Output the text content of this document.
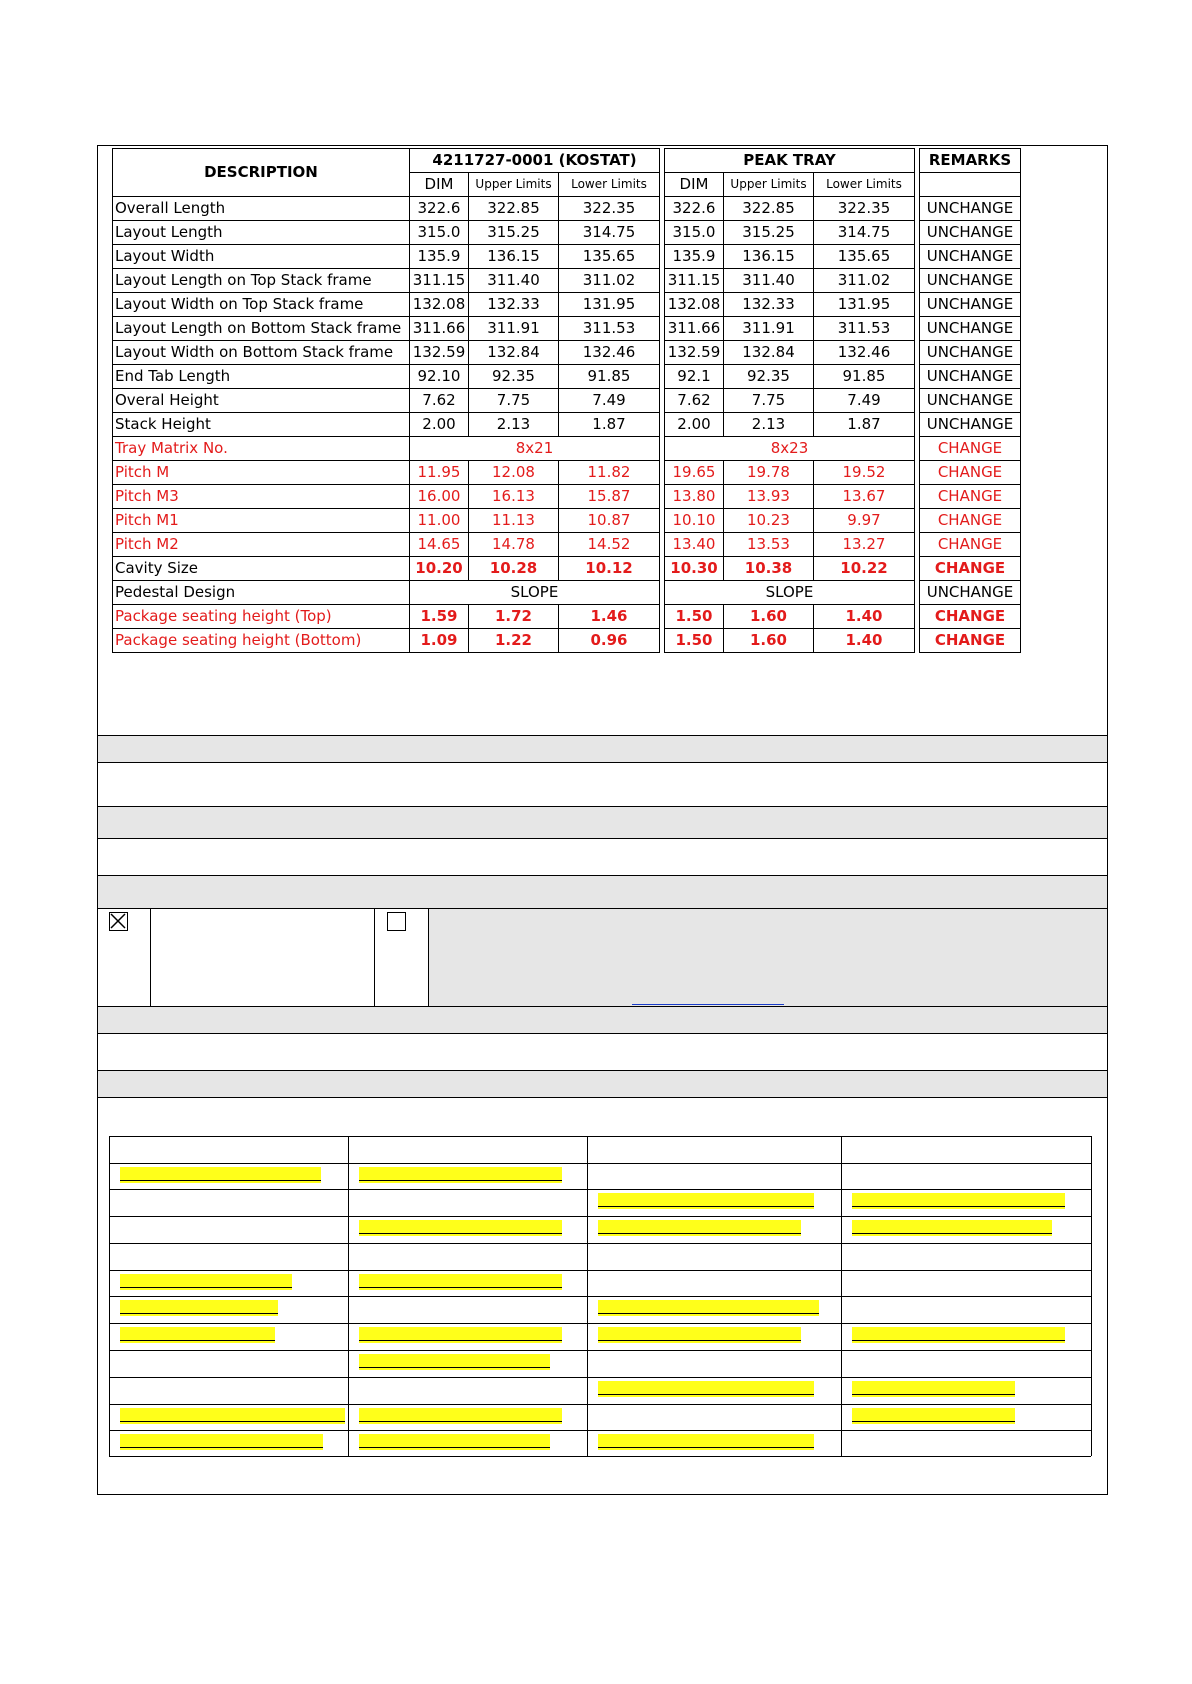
DESCRIPTION	4211727-0001 (KOSTAT)				PEAK TRAY				REMARKS
	DIM	Upper Limits	Lower Limits		DIM	Upper Limits	Lower Limits		
Overall Length	322.6	322.85	322.35		322.6	322.85	322.35		UNCHANGE
Layout Length	315.0	315.25	314.75		315.0	315.25	314.75		UNCHANGE
Layout Width	135.9	136.15	135.65		135.9	136.15	135.65		UNCHANGE
Layout Length on Top Stack frame	311.15	311.40	311.02		311.15	311.40	311.02		UNCHANGE
Layout Width on Top Stack frame	132.08	132.33	131.95		132.08	132.33	131.95		UNCHANGE
Layout Length on Bottom Stack frame	311.66	311.91	311.53		311.66	311.91	311.53		UNCHANGE
Layout Width on Bottom Stack frame	132.59	132.84	132.46		132.59	132.84	132.46		UNCHANGE
End Tab Length	92.10	92.35	91.85		92.1	92.35	91.85		UNCHANGE
Overal Height	7.62	7.75	7.49		7.62	7.75	7.49		UNCHANGE
Stack Height	2.00	2.13	1.87		2.00	2.13	1.87		UNCHANGE
Tray Matrix No.	8x21				8x23				CHANGE
Pitch M	11.95	12.08	11.82		19.65	19.78	19.52		CHANGE
Pitch M3	16.00	16.13	15.87		13.80	13.93	13.67		CHANGE
Pitch M1	11.00	11.13	10.87		10.10	10.23	9.97		CHANGE
Pitch M2	14.65	14.78	14.52		13.40	13.53	13.27		CHANGE
Cavity Size	10.20	10.28	10.12		10.30	10.38	10.22		CHANGE
Pedestal Design	SLOPE				SLOPE				UNCHANGE
Package seating height (Top)	1.59	1.72	1.46		1.50	1.60	1.40		CHANGE
Package seating height (Bottom)	1.09	1.22	0.96		1.50	1.60	1.40		CHANGE
